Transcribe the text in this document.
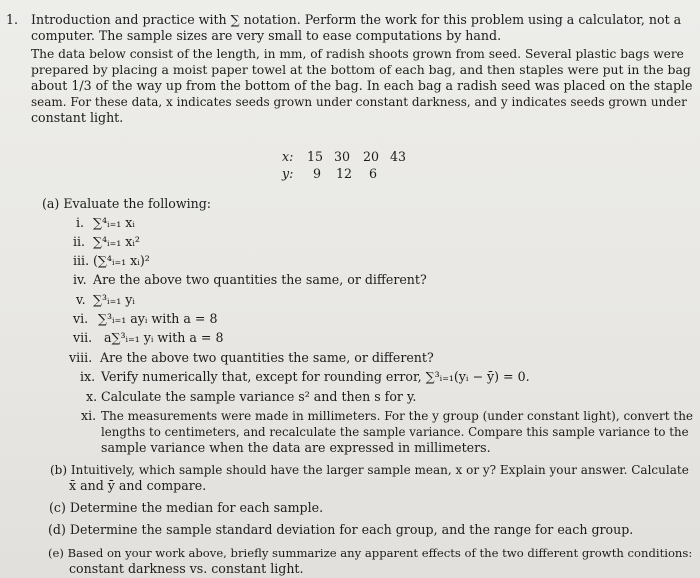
1. Introduction and practice with ∑ notation. Perform the work for this problem using a calculator, not a
computer. The sample sizes are very small to ease computations by hand.
The data below consist of the length, in mm, of radish shoots grown from seed. Several plastic bags were
prepared by placing a moist paper towel at the bottom of each bag, and then staples were put in the bag
about 1/3 of the way up from the bottom of the bag. In each bag a radish seed was placed on the staple
seam. For these data, x indicates seeds grown under constant darkness, and y indicates seeds grown under
constant light.
x: 15 30 20 43
y: 9 12 6
(a) Evaluate the following:
i. ∑⁴ᵢ₌₁ xᵢ
ii. ∑⁴ᵢ₌₁ xᵢ²
iii. (∑⁴ᵢ₌₁ xᵢ)²
iv. Are the above two quantities the same, or different?
v. ∑³ᵢ₌₁ yᵢ
vi. ∑³ᵢ₌₁ ayᵢ with a = 8
vii. a∑³ᵢ₌₁ yᵢ with a = 8
viii. Are the above two quantities the same, or different?
ix. Verify numerically that, except for rounding error, ∑³ᵢ₌₁(yᵢ − ȳ) = 0.
x. Calculate the sample variance s² and then s for y.
xi. The measurements were made in millimeters. For the y group (under constant light), convert the
lengths to centimeters, and recalculate the sample variance. Compare this sample variance to the
sample variance when the data are expressed in millimeters.
(b) Intuitively, which sample should have the larger sample mean, x or y? Explain your answer. Calculate
x̄ and ȳ and compare.
(c) Determine the median for each sample.
(d) Determine the sample standard deviation for each group, and the range for each group.
(e) Based on your work above, briefly summarize any apparent effects of the two different growth conditions:
constant darkness vs. constant light.
